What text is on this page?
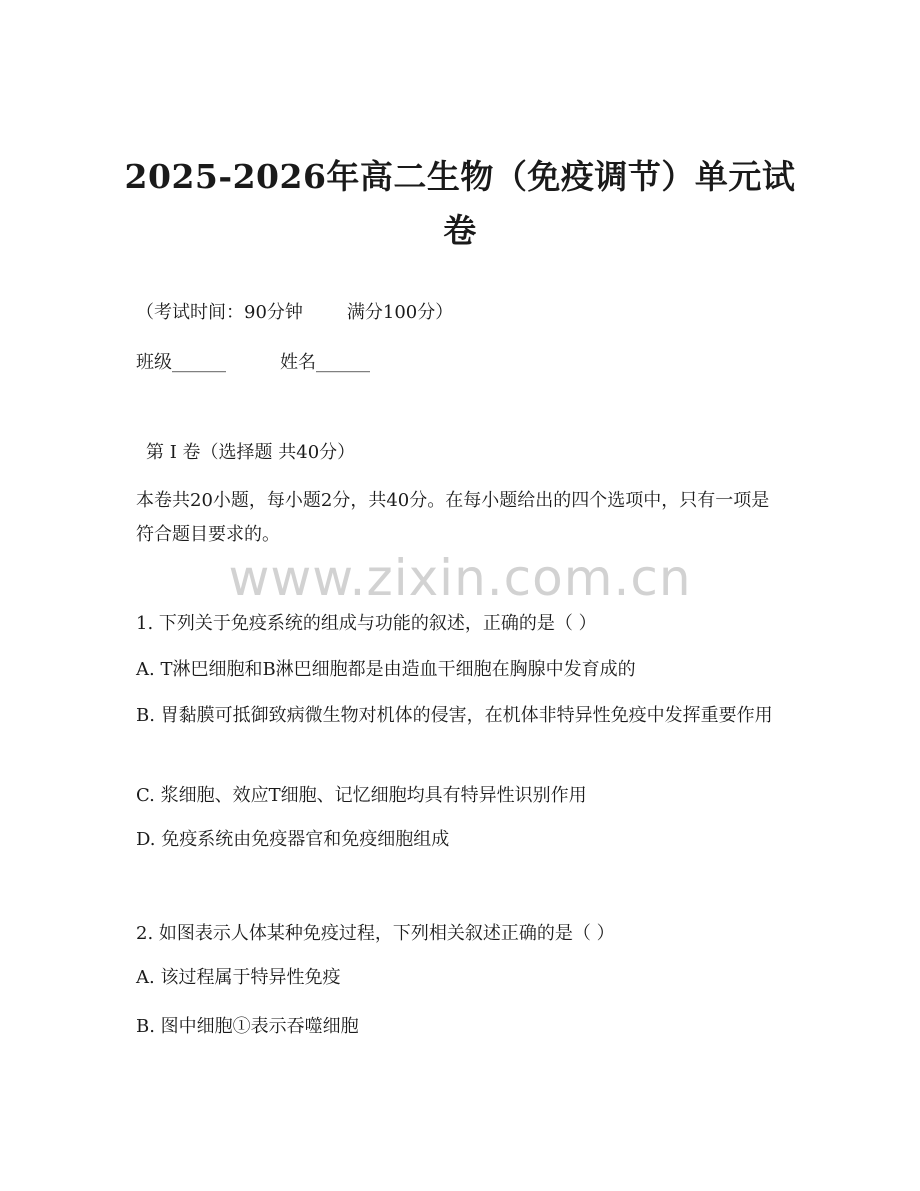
2025-2026年高二生物（免疫调节）单元试
卷
（考试时间：90分钟 满分100分）
班级______	姓名______
第 I 卷（选择题 共40分）
本卷共20小题，每小题2分，共40分。在每小题给出的四个选项中，只有一项是符合题目要求的。
www.zixin.com.cn
1. 下列关于免疫系统的组成与功能的叙述，正确的是（ ）
A. T淋巴细胞和B淋巴细胞都是由造血干细胞在胸腺中发育成的
B. 胃黏膜可抵御致病微生物对机体的侵害，在机体非特异性免疫中发挥重要作用
C. 浆细胞、效应T细胞、记忆细胞均具有特异性识别作用
D. 免疫系统由免疫器官和免疫细胞组成
2. 如图表示人体某种免疫过程，下列相关叙述正确的是（ ）
A. 该过程属于特异性免疫
B. 图中细胞①表示吞噬细胞
